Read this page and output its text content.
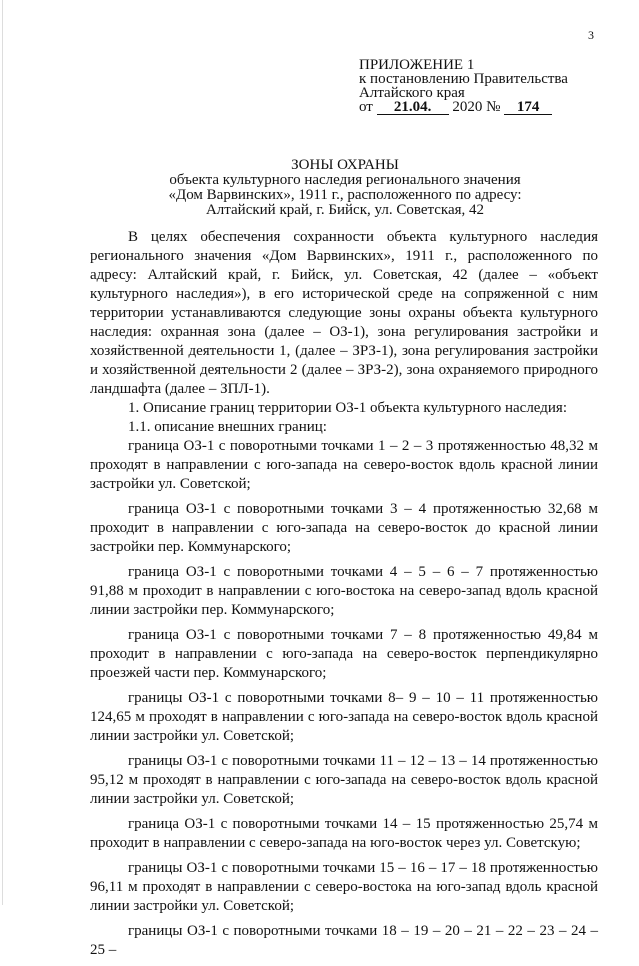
3
ПРИЛОЖЕНИЕ 1
к постановлению Правительства
Алтайского края
от 21.04. 2020 № 174
ЗОНЫ ОХРАНЫ
объекта культурного наследия регионального значения
«Дом Варвинских», 1911 г., расположенного по адресу:
Алтайский край, г. Бийск, ул. Советская, 42

В целях обеспечения сохранности объекта культурного наследия регионального значения «Дом Варвинских», 1911 г., расположенного по адресу: Алтайский край, г. Бийск, ул. Советская, 42 (далее – «объект культурного наследия»), в его исторической среде на сопряженной с ним территории устанавливаются следующие зоны охраны объекта культурного наследия: охранная зона (далее – ОЗ-1), зона регулирования застройки и хозяйственной деятельности 1, (далее – ЗРЗ-1), зона регулирования застройки и хозяйственной деятельности 2 (далее – ЗРЗ-2), зона охраняемого природного ландшафта (далее – ЗПЛ-1).

1. Описание границ территории ОЗ-1 объекта культурного наследия:

1.1. описание внешних границ:

граница ОЗ-1 с поворотными точками 1 – 2 – 3 протяженностью 48,32 м проходят в направлении с юго-запада на северо-восток вдоль красной линии застройки ул. Советской;

граница ОЗ-1 с поворотными точками 3 – 4 протяженностью 32,68 м проходит в направлении с юго-запада на северо-восток до красной линии застройки пер. Коммунарского;

граница ОЗ-1 с поворотными точками 4 – 5 – 6 – 7 протяженностью 91,88 м проходит в направлении с юго-востока на северо-запад вдоль красной линии застройки пер. Коммунарского;

граница ОЗ-1 с поворотными точками 7 – 8 протяженностью 49,84 м проходит в направлении с юго-запада на северо-восток перпендикулярно проезжей части пер. Коммунарского;

границы ОЗ-1 с поворотными точками 8– 9 – 10 – 11 протяженностью 124,65 м проходят в направлении с юго-запада на северо-восток вдоль красной линии застройки ул. Советской;

границы ОЗ-1 с поворотными точками 11 – 12 – 13 – 14 протяженностью 95,12 м проходят в направлении с юго-запада на северо-восток вдоль красной линии застройки ул. Советской;

граница ОЗ-1 с поворотными точками 14 – 15 протяженностью 25,74 м проходит в направлении с северо-запада на юго-восток через ул. Советскую;

границы ОЗ-1 с поворотными точками 15 – 16 – 17 – 18 протяженностью 96,11 м проходят в направлении с северо-востока на юго-запад вдоль красной линии застройки ул. Советской;

границы ОЗ-1 с поворотными точками 18 – 19 – 20 – 21 – 22 – 23 – 24 – 25 –
